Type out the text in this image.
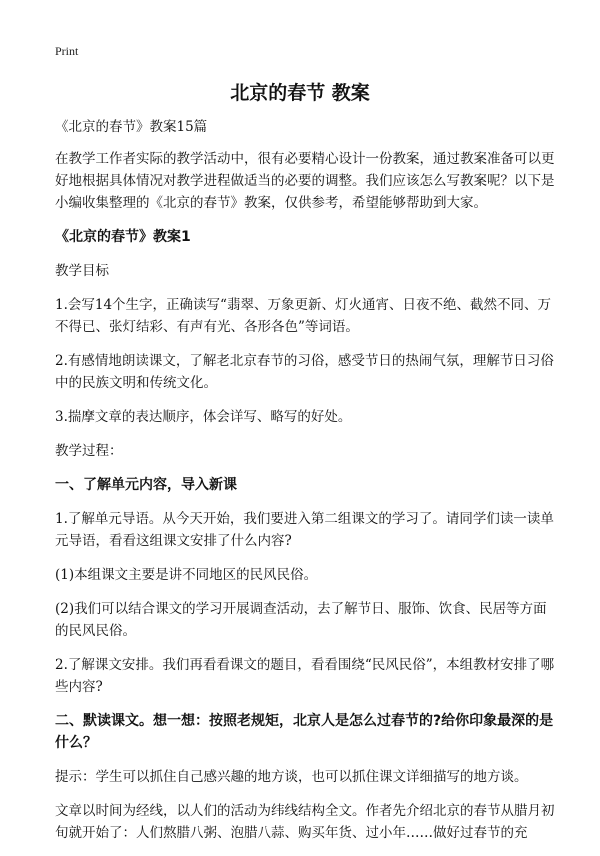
Print
北京的春节 教案

《北京的春节》教案15篇

在教学工作者实际的教学活动中，很有必要精心设计一份教案，通过教案准备可以更好地根据具体情况对教学进程做适当的必要的调整。我们应该怎么写教案呢？以下是小编收集整理的《北京的春节》教案，仅供参考，希望能够帮助到大家。

《北京的春节》教案1

教学目标

1.会写14个生字，正确读写“翡翠、万象更新、灯火通宵、日夜不绝、截然不同、万不得已、张灯结彩、有声有光、各形各色”等词语。

2.有感情地朗读课文，了解老北京春节的习俗，感受节日的热闹气氛，理解节日习俗中的民族文明和传统文化。

3.揣摩文章的表达顺序，体会详写、略写的好处。

教学过程：

一、了解单元内容，导入新课

1.了解单元导语。从今天开始，我们要进入第二组课文的学习了。请同学们读一读单元导语，看看这组课文安排了什么内容?

(1)本组课文主要是讲不同地区的民风民俗。

(2)我们可以结合课文的学习开展调查活动，去了解节日、服饰、饮食、民居等方面的民风民俗。

2.了解课文安排。我们再看看课文的题目，看看围绕“民风民俗”，本组教材安排了哪些内容?

二、默读课文。想一想：按照老规矩，北京人是怎么过春节的?给你印象最深的是什么？

提示：学生可以抓住自己感兴趣的地方谈，也可以抓住课文详细描写的地方谈。

文章以时间为经线，以人们的活动为纬线结构全文。作者先介绍北京的春节从腊月初旬就开始了：人们熬腊八粥、泡腊八蒜、购买年货、过小年……做好过春节的充
